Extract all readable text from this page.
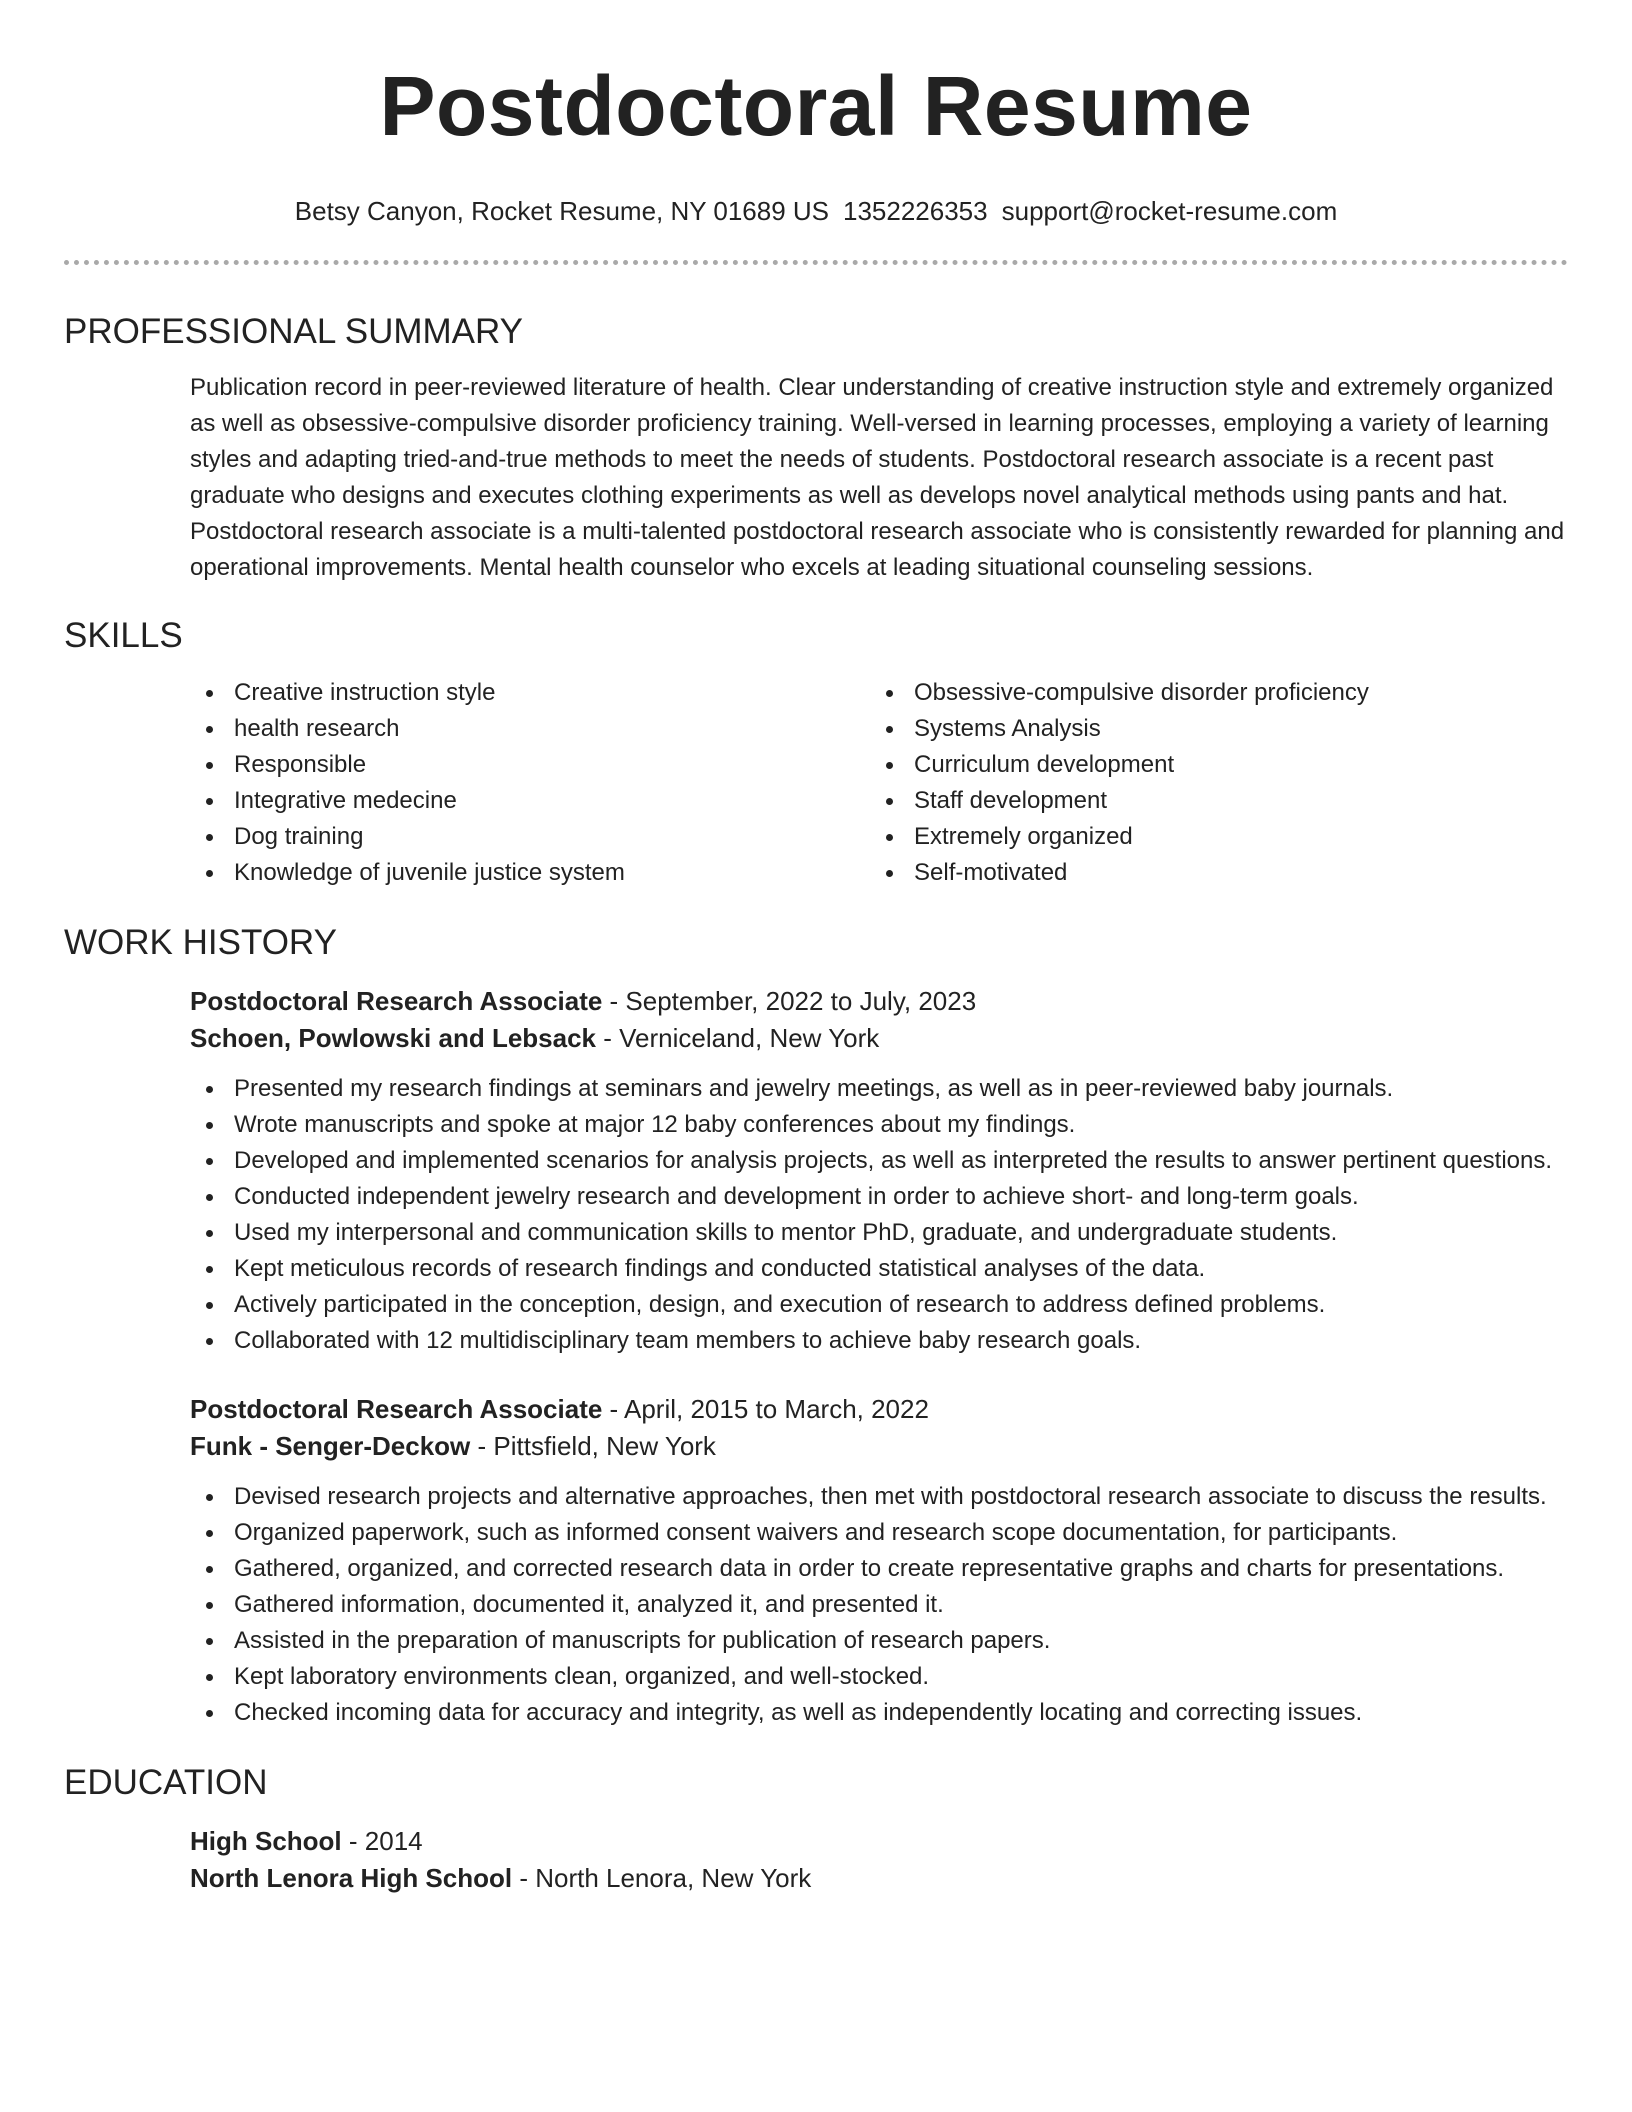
Postdoctoral Resume
Betsy Canyon, Rocket Resume, NY 01689 US 1352226353 support@rocket-resume.com
PROFESSIONAL SUMMARY

Publication record in peer-reviewed literature of health. Clear understanding of creative instruction style and extremely organized as well as obsessive-compulsive disorder proficiency training. Well-versed in learning processes, employing a variety of learning styles and adapting tried-and-true methods to meet the needs of students. Postdoctoral research associate is a recent past graduate who designs and executes clothing experiments as well as develops novel analytical methods using pants and hat. Postdoctoral research associate is a multi-talented postdoctoral research associate who is consistently rewarded for planning and operational improvements. Mental health counselor who excels at leading situational counseling sessions.

SKILLS
Creative instruction style
health research
Responsible
Integrative medecine
Dog training
Knowledge of juvenile justice system
Obsessive-compulsive disorder proficiency
Systems Analysis
Curriculum development
Staff development
Extremely organized
Self-motivated
WORK HISTORY
Postdoctoral Research Associate - September, 2022 to July, 2023
Schoen, Powlowski and Lebsack - Verniceland, New York
Presented my research findings at seminars and jewelry meetings, as well as in peer-reviewed baby journals.
Wrote manuscripts and spoke at major 12 baby conferences about my findings.
Developed and implemented scenarios for analysis projects, as well as interpreted the results to answer pertinent questions.
Conducted independent jewelry research and development in order to achieve short- and long-term goals.
Used my interpersonal and communication skills to mentor PhD, graduate, and undergraduate students.
Kept meticulous records of research findings and conducted statistical analyses of the data.
Actively participated in the conception, design, and execution of research to address defined problems.
Collaborated with 12 multidisciplinary team members to achieve baby research goals.
Postdoctoral Research Associate - April, 2015 to March, 2022
Funk - Senger-Deckow - Pittsfield, New York
Devised research projects and alternative approaches, then met with postdoctoral research associate to discuss the results.
Organized paperwork, such as informed consent waivers and research scope documentation, for participants.
Gathered, organized, and corrected research data in order to create representative graphs and charts for presentations.
Gathered information, documented it, analyzed it, and presented it.
Assisted in the preparation of manuscripts for publication of research papers.
Kept laboratory environments clean, organized, and well-stocked.
Checked incoming data for accuracy and integrity, as well as independently locating and correcting issues.
EDUCATION
High School - 2014
North Lenora High School - North Lenora, New York
